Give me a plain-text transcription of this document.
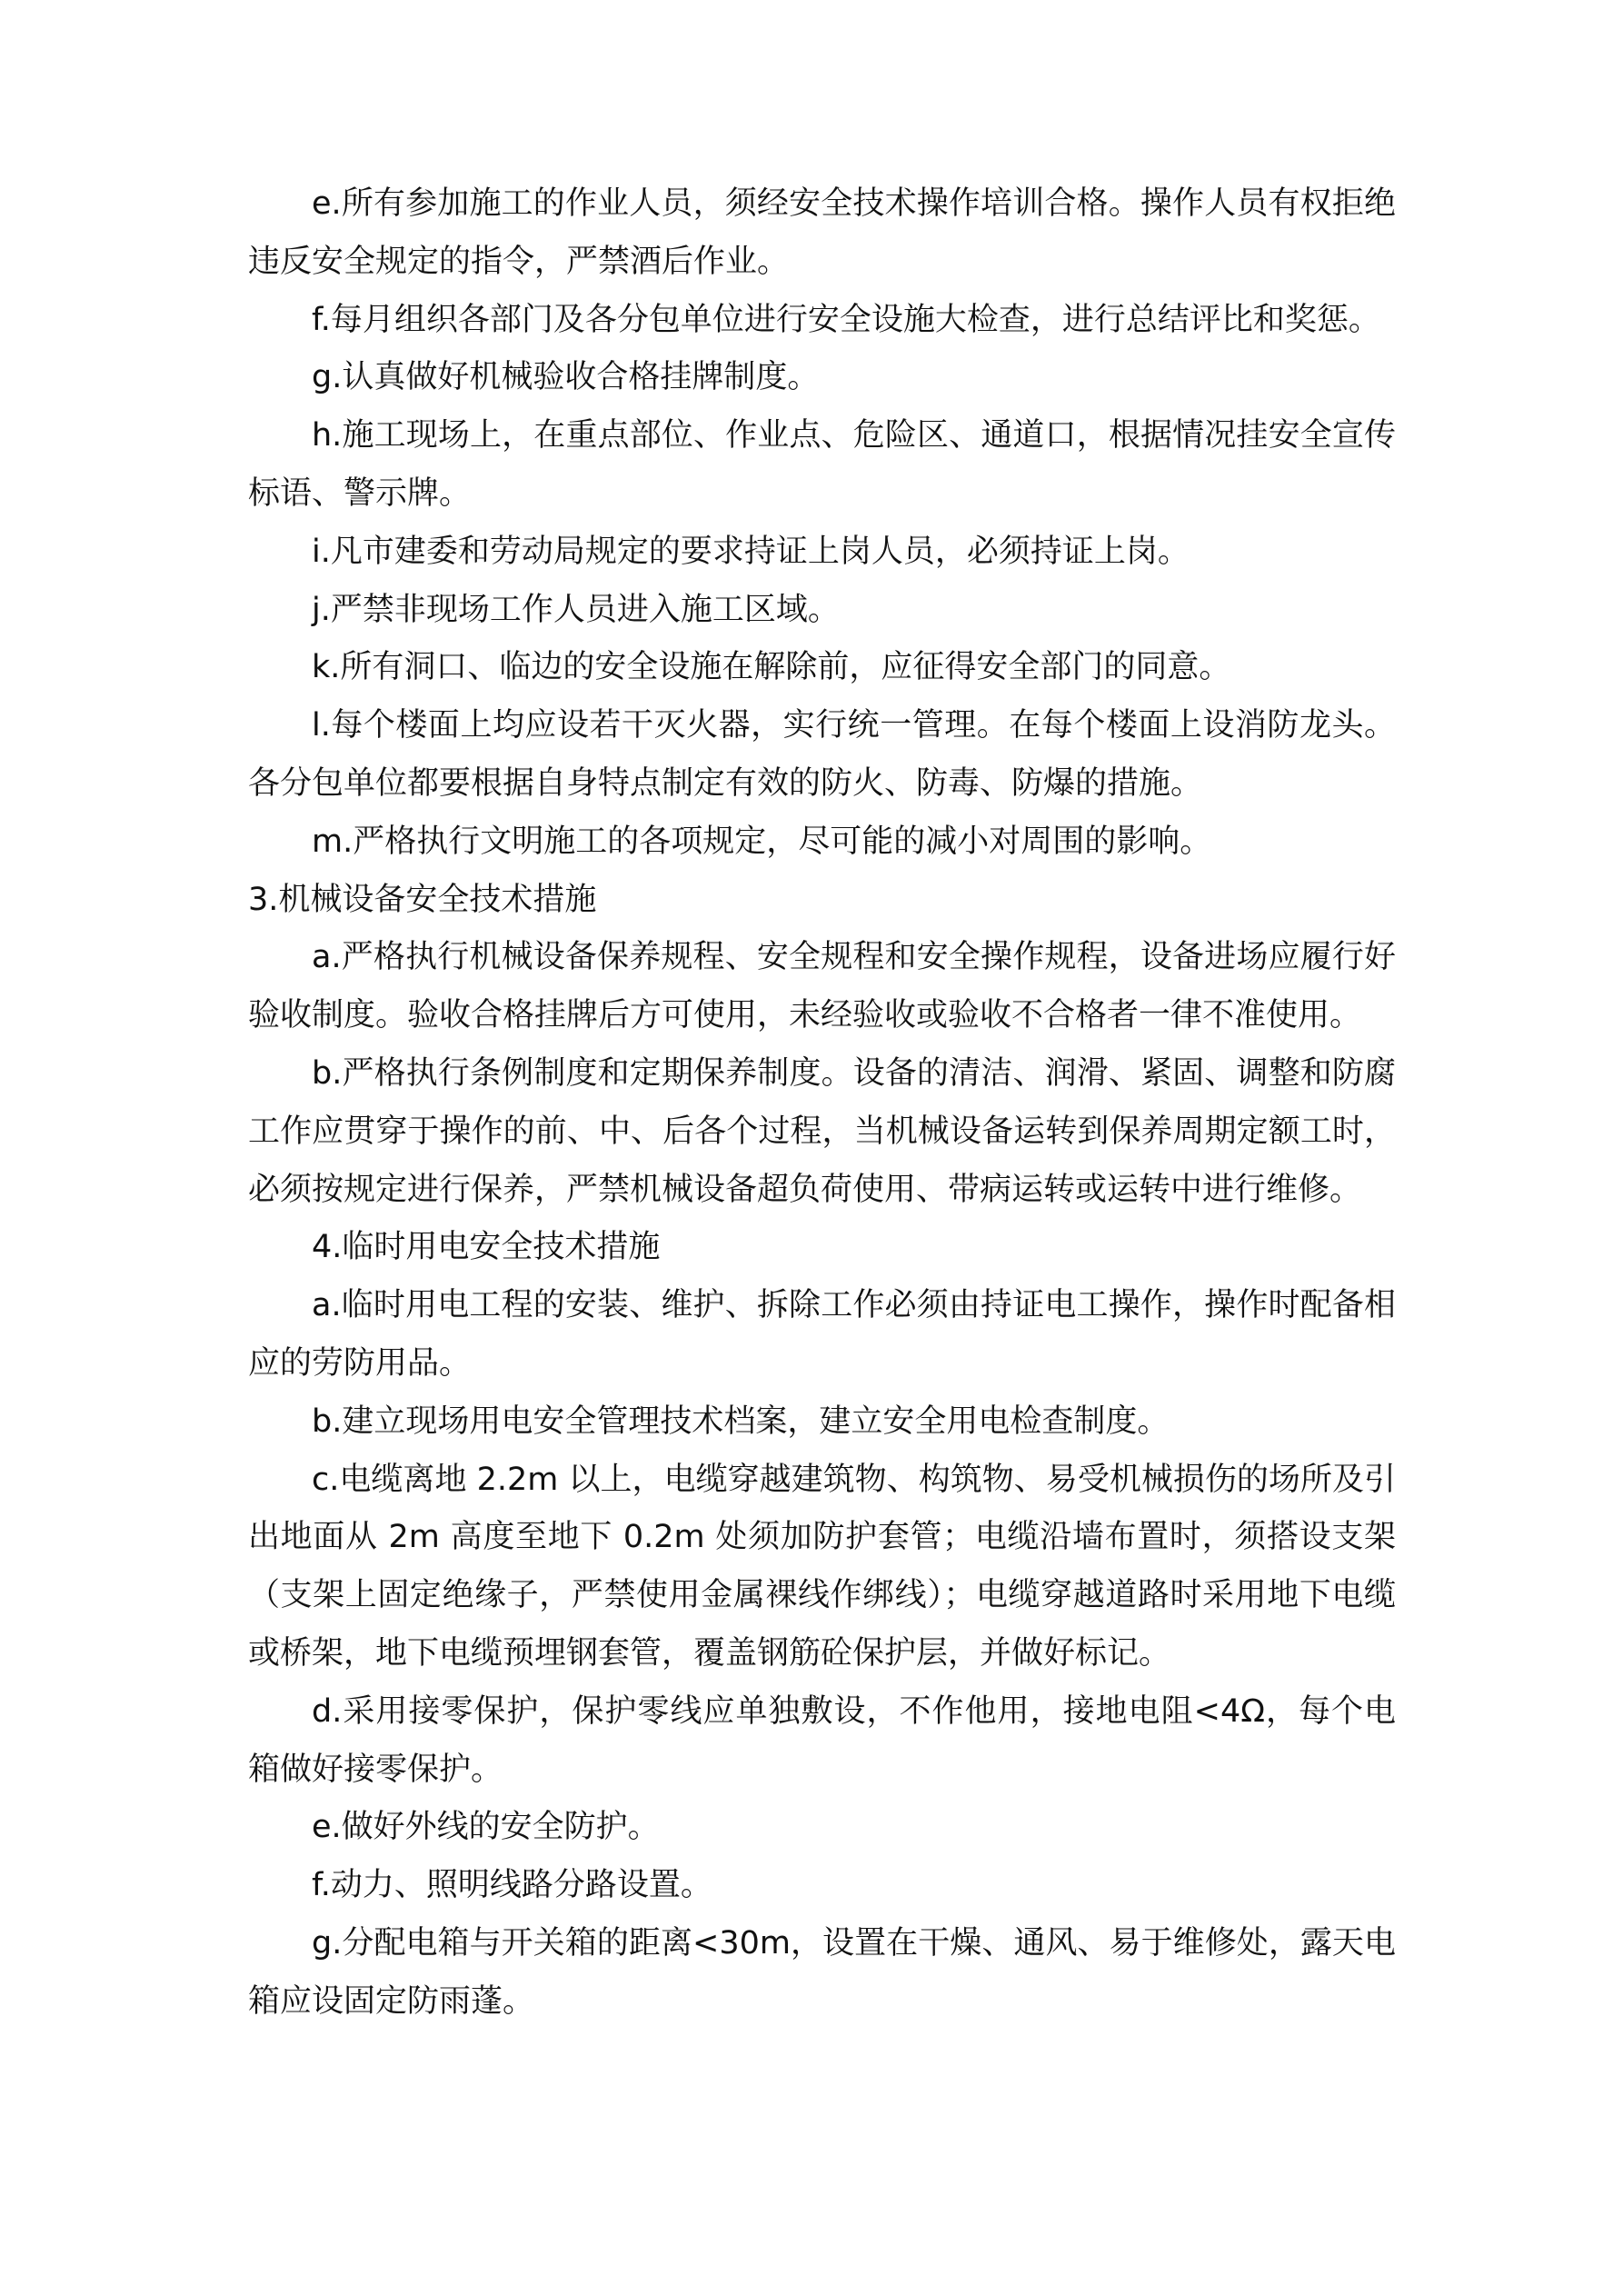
e.所有参加施工的作业人员，须经安全技术操作培训合格。操作人员有权拒绝违反安全规定的指令，严禁酒后作业。

f.每月组织各部门及各分包单位进行安全设施大检查，进行总结评比和奖惩。

g.认真做好机械验收合格挂牌制度。

h.施工现场上，在重点部位、作业点、危险区、通道口，根据情况挂安全宣传标语、警示牌。

i.凡市建委和劳动局规定的要求持证上岗人员，必须持证上岗。

j.严禁非现场工作人员进入施工区域。

k.所有洞口、临边的安全设施在解除前，应征得安全部门的同意。

l.每个楼面上均应设若干灭火器，实行统一管理。在每个楼面上设消防龙头。各分包单位都要根据自身特点制定有效的防火、防毒、防爆的措施。

m.严格执行文明施工的各项规定，尽可能的减小对周围的影响。

3.机械设备安全技术措施

a.严格执行机械设备保养规程、安全规程和安全操作规程，设备进场应履行好验收制度。验收合格挂牌后方可使用，未经验收或验收不合格者一律不准使用。

b.严格执行条例制度和定期保养制度。设备的清洁、润滑、紧固、调整和防腐工作应贯穿于操作的前、中、后各个过程，当机械设备运转到保养周期定额工时，必须按规定进行保养，严禁机械设备超负荷使用、带病运转或运转中进行维修。

4.临时用电安全技术措施

a.临时用电工程的安装、维护、拆除工作必须由持证电工操作，操作时配备相应的劳防用品。

b.建立现场用电安全管理技术档案，建立安全用电检查制度。

c.电缆离地 2.2m 以上，电缆穿越建筑物、构筑物、易受机械损伤的场所及引出地面从 2m 高度至地下 0.2m 处须加防护套管；电缆沿墙布置时，须搭设支架（支架上固定绝缘子，严禁使用金属裸线作绑线）；电缆穿越道路时采用地下电缆或桥架，地下电缆预埋钢套管，覆盖钢筋砼保护层，并做好标记。

d.采用接零保护，保护零线应单独敷设，不作他用，接地电阻<4Ω，每个电箱做好接零保护。

e.做好外线的安全防护。

f.动力、照明线路分路设置。

g.分配电箱与开关箱的距离<30m，设置在干燥、通风、易于维修处，露天电箱应设固定防雨蓬。
